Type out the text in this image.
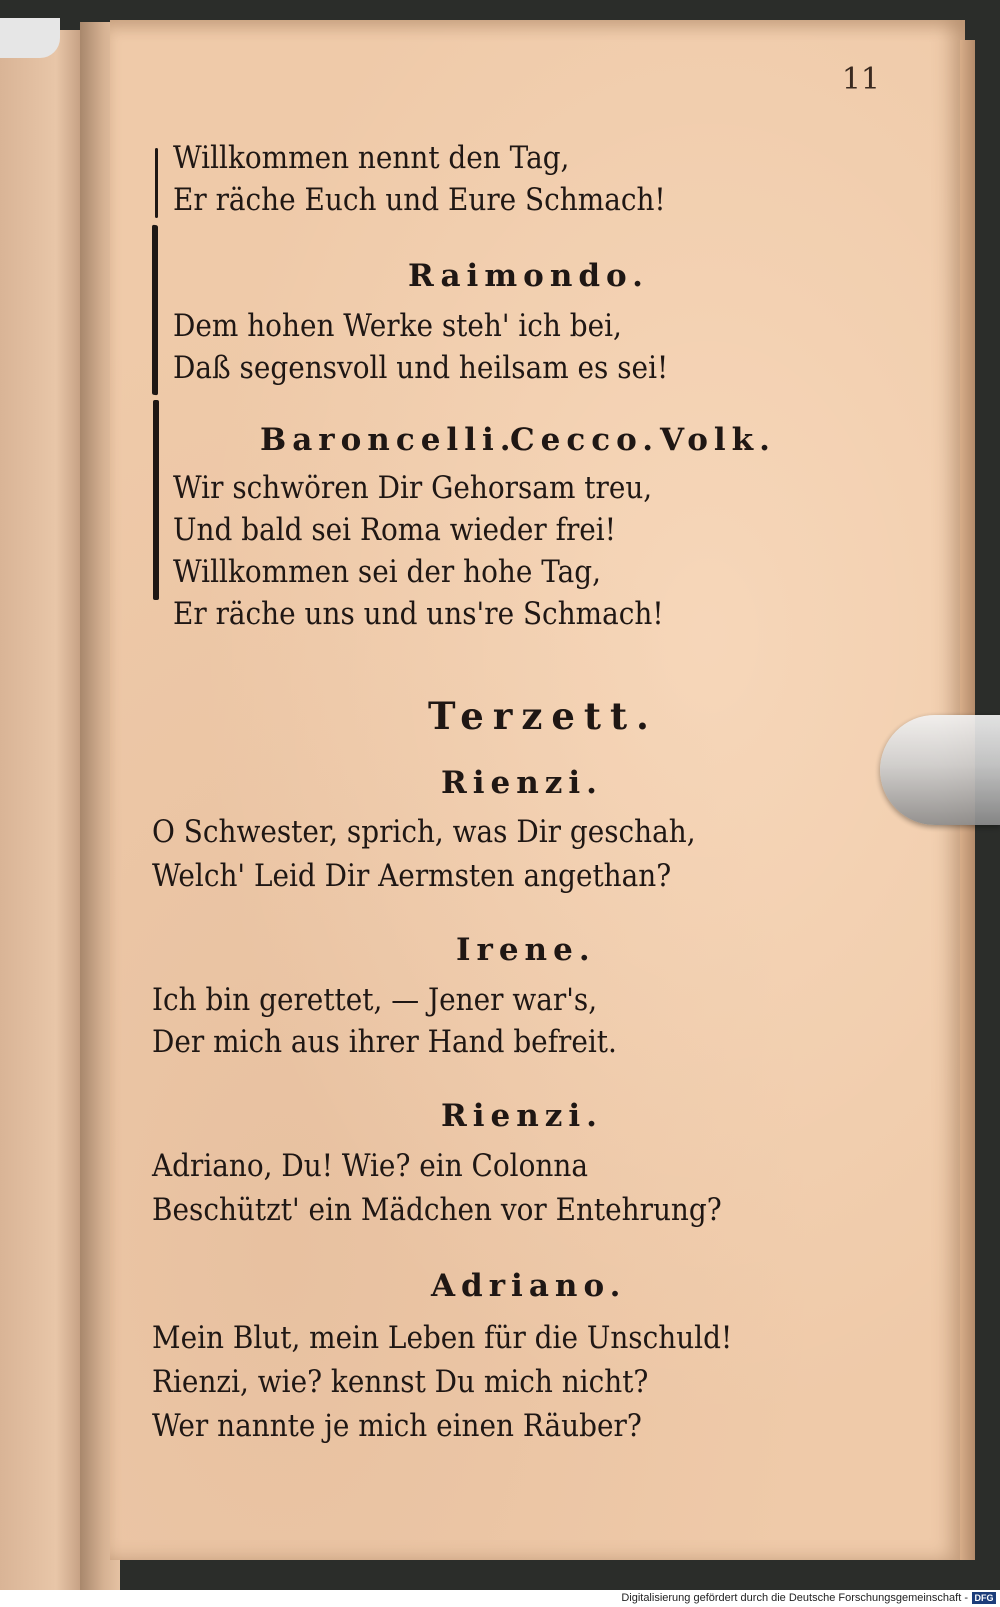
11
Willkommen nennt den Tag,
Er räche Euch und Eure Schmach!
Raimondo.
Dem hohen Werke steh' ich bei,
Daß segensvoll und heilsam es sei!
Baroncelli.
Cecco. Volk.
Wir schwören Dir Gehorsam treu,
Und bald sei Roma wieder frei!
Willkommen sei der hohe Tag,
Er räche uns und uns're Schmach!
Terzett.
Rienzi.
O Schwester, sprich, was Dir geschah,
Welch' Leid Dir Aermsten angethan?
Irene.
Ich bin gerettet, — Jener war's,
Der mich aus ihrer Hand befreit.
Rienzi.
Adriano, Du! Wie? ein Colonna
Beschützt' ein Mädchen vor Entehrung?
Adriano.
Mein Blut, mein Leben für die Unschuld!
Rienzi, wie? kennst Du mich nicht?
Wer nannte je mich einen Räuber?
Digitalisierung gefördert durch die Deutsche Forschungsgemeinschaft - DFG
